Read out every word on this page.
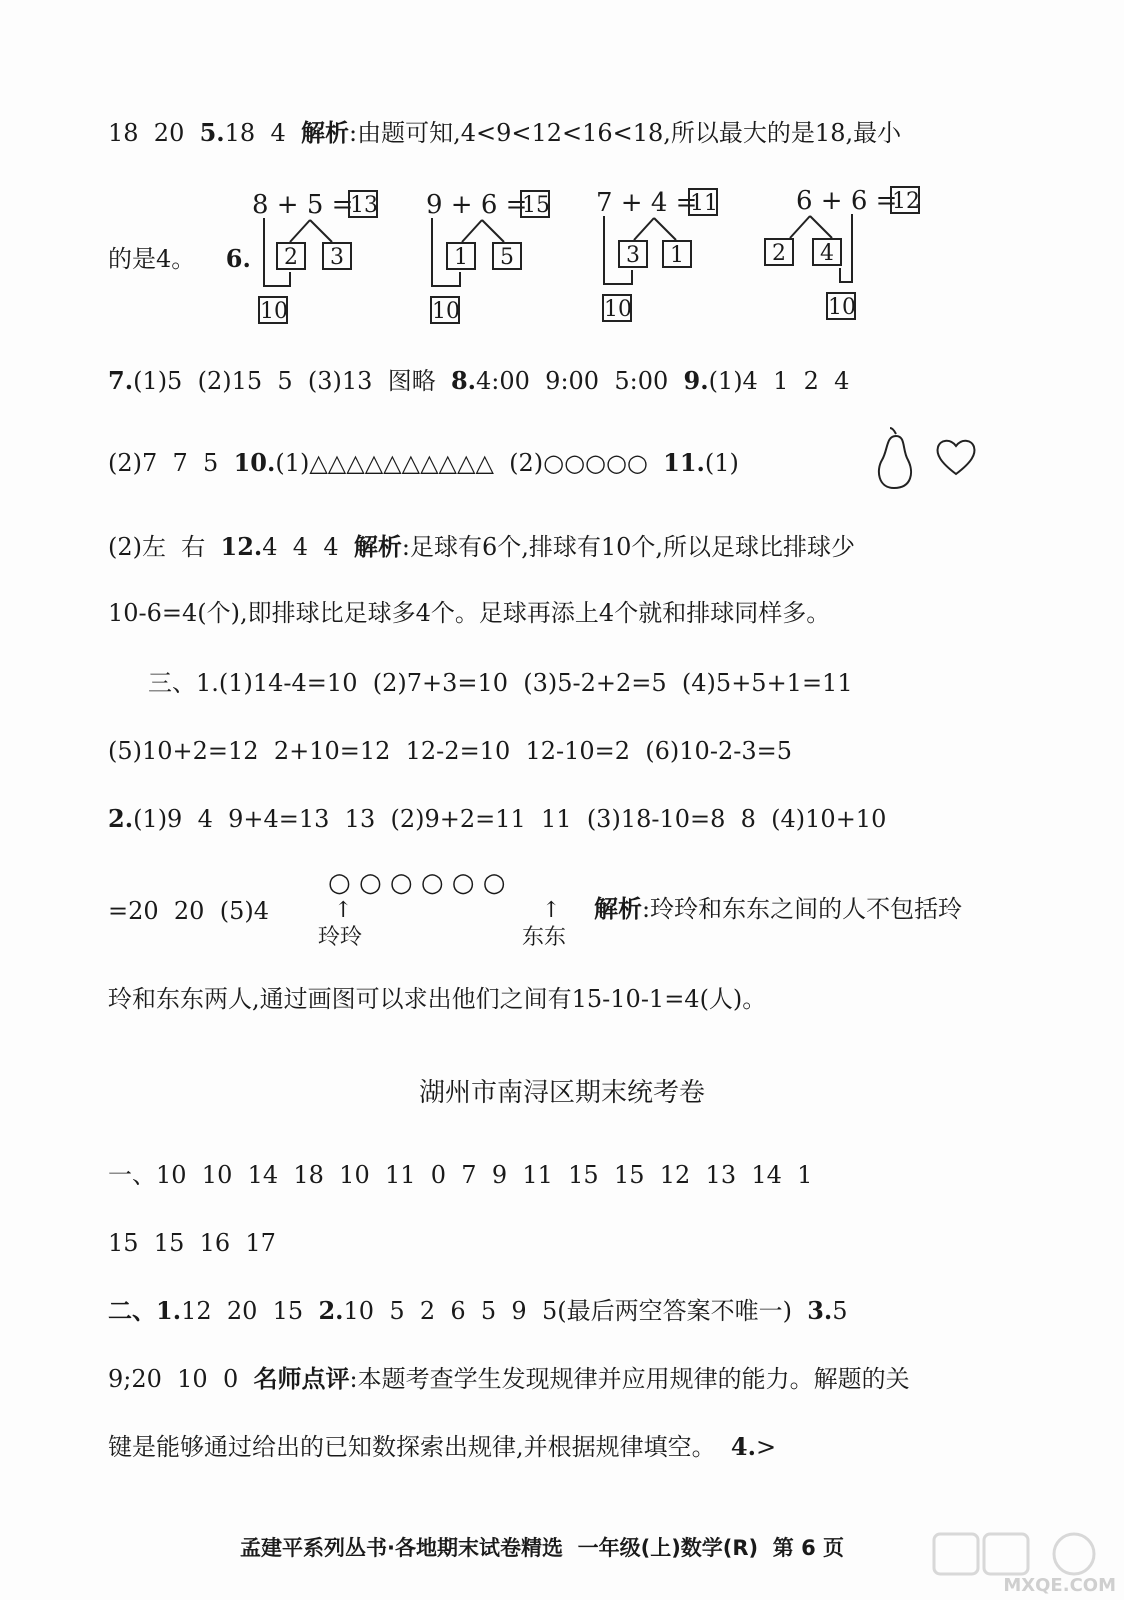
18  20  5.18  4  解析:由题可知,4<9<12<16<18,所以最大的是18,最小
的是4。 6.
8 + 5 =
13
2	3
10
9 + 6 =
15
1	5
10
7 + 4 =
11
3	1
10
6 + 6 =
12
2	4
10
7.(1)5  (2)15  5  (3)13  图略  8.4:00  9:00  5:00  9.(1)4  1  2  4
(2)7  7  5  10.(1)△△△△△△△△△△  (2)○○○○○  11.(1)
(2)左  右  12.4  4  4  解析:足球有6个,排球有10个,所以足球比排球少
10-6=4(个),即排球比足球多4个。足球再添上4个就和排球同样多。
三、1.(1)14-4=10  (2)7+3=10  (3)5-2+2=5  (4)5+5+1=11
(5)10+2=12  2+10=12  12-2=10  12-10=2  (6)10-2-3=5
2.(1)9  4  9+4=13  13  (2)9+2=11  11  (3)18-10=8  8  (4)10+10
=20  20  (5)4
○ ○ ○ ○ ○ ○
↑	↑
玲玲	东东
解析:玲玲和东东之间的人不包括玲
玲和东东两人,通过画图可以求出他们之间有15-10-1=4(人)。
湖州市南浔区期末统考卷
一、10  10  14  18  10  11  0  7  9  11  15  15  12  13  14  1
15  15  16  17
二、1.12  20  15  2.10  5  2  6  5  9  5(最后两空答案不唯一)  3.5
9;20  10  0  名师点评:本题考查学生发现规律并应用规律的能力。解题的关
键是能够通过给出的已知数探索出规律,并根据规律填空。  4.>
孟建平系列丛书·各地期末试卷精选  一年级(上)数学(R)  第 6 页
MXQE.COM
